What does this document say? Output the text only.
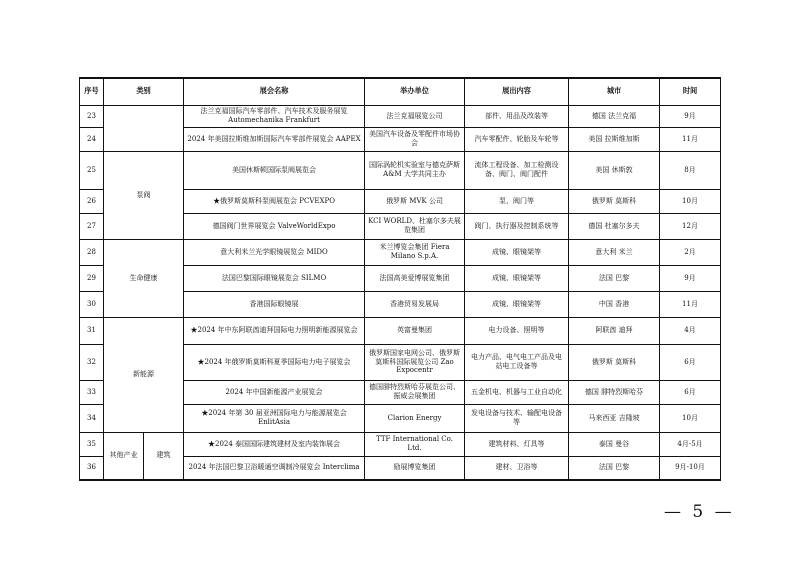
序号	类别		展会名称	举办单位	展出内容	城市	时间
23			法兰克福国际汽车零部件、汽车技术及服务展览 Automechanika Frankfurt	法兰克福展览公司	部件、用品及改装等	德国 法兰克福	9月
24			2024 年美国拉斯维加斯国际汽车零部件展览会 AAPEX	美国汽车设备及零配件市场协会	汽车零配件、轮胎及车轮等	美国 拉斯维加斯	11月
25	泵阀		美国休斯顿国际泵阀展览会	国际涡轮机实验室与德克萨斯 A&M 大学共同主办	流体工程设备、加工检测设备、阀门、阀门配件	美国 休斯敦	8月
26			★俄罗斯莫斯科泵阀展览会 PCVEXPO	俄罗斯 MVK 公司	泵、阀门等	俄罗斯 莫斯科	10月
27			德国阀门世界展览会 ValveWorldExpo	KCI WORLD、杜塞尔多夫展览集团	阀门、执行器及控制系统等	德国 杜塞尔多夫	12月
28	生命健康		意大利米兰光学眼镜展览会 MIDO	米兰博览会集团 Fiera Milano S.p.A.	成镜、眼镜架等	意大利 米兰	2月
29			法国巴黎国际眼镜展览会 SILMO	法国高美爱博展览集团	成镜、眼镜架等	法国 巴黎	9月
30			香港国际眼镜展	香港贸易发展局	成镜、眼镜架等	中国 香港	11月
31	新能源		★2024 年中东阿联酋迪拜国际电力照明新能源展览会	英富曼集团	电力设备、照明等	阿联酋 迪拜	4月
32			★2024 年俄罗斯莫斯科夏季国际电力电子展览会	俄罗斯国家电网公司、俄罗斯莫斯科国际展览公司 Zao Expocentr	电力产品、电气电工产品及电站电工设备等	俄罗斯 莫斯科	6月
33			2024 年中国新能源产业展览会	德国腓特烈斯哈芬展览公司、振威会展集团	五金机电、机器与工业自动化	德国 腓特烈斯哈芬	6月
34			★2024 年第 30 届亚洲国际电力与能源展览会 EnlitAsia	Clarion Energy	发电设备与技术、输配电设备等	马来西亚 吉隆坡	10月
35	其他产业	建筑	★2024 泰国国际建筑建材及室内装饰展会	TTF International Co. Ltd.	建筑材料、灯具等	泰国 曼谷	4月-5月
36			2024 年法国巴黎卫浴暖通空调制冷展览会 Interclima	励展博览集团	建材、卫浴等	法国 巴黎	9月-10月
— 5 —
